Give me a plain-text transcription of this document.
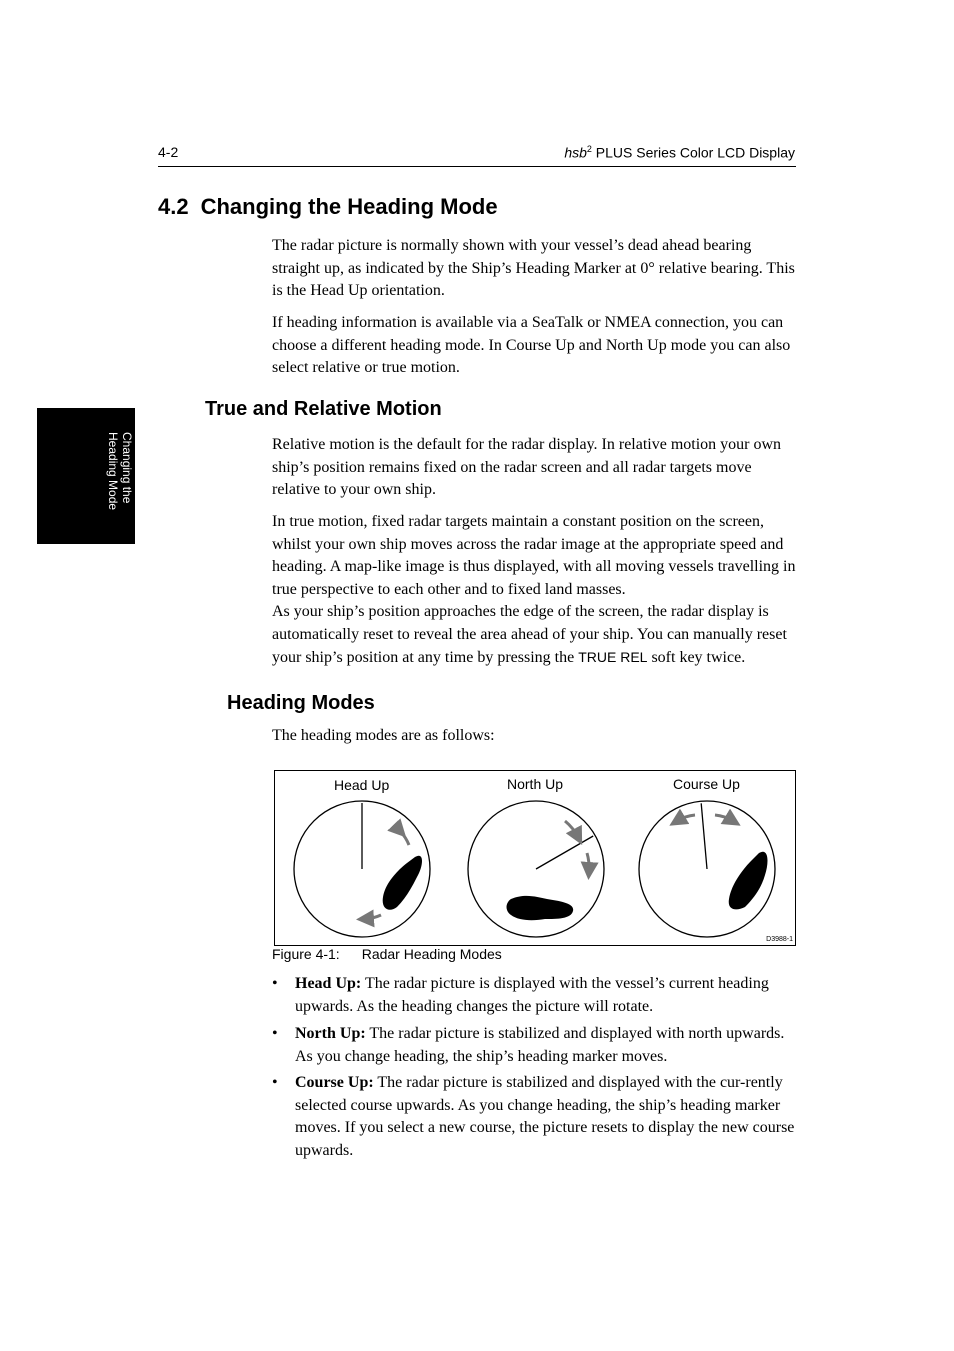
4-2	hsb$^2$ PLUS Series Color LCD Display
Changing the
Heading Mode
4.2 Changing the Heading Mode

The radar picture is normally shown with your vessel’s dead ahead bearing straight up, as indicated by the Ship’s Heading Marker at 0° relative bearing. This is the Head Up orientation.

If heading information is available via a SeaTalk or NMEA connection, you can choose a different heading mode. In Course Up and North Up mode you can also select relative or true motion.

True and Relative Motion

Relative motion is the default for the radar display. In relative motion your own ship’s position remains fixed on the radar screen and all radar targets move relative to your own ship.

In true motion, fixed radar targets maintain a constant position on the screen, whilst your own ship moves across the radar image at the appropriate speed and heading. A map-like image is thus displayed, with all moving vessels travelling in true perspective to each other and to fixed land masses.

As your ship’s position approaches the edge of the screen, the radar display is automatically reset to reveal the area ahead of your ship. You can manually reset your ship’s position at any time by pressing the TRUE REL soft key twice.

Heading Modes

The heading modes are as follows:

Head Up	North Up	Course Up
D3988-1
Figure 4-1: Radar Heading Modes
• Head Up: The radar picture is displayed with the vessel’s current heading upwards. As the heading changes the picture will rotate.
• North Up: The radar picture is stabilized and displayed with north upwards. As you change heading, the ship’s heading marker moves.
• Course Up: The radar picture is stabilized and displayed with the cur-rently selected course upwards. As you change heading, the ship’s heading marker moves. If you select a new course, the picture resets to display the new course upwards.
